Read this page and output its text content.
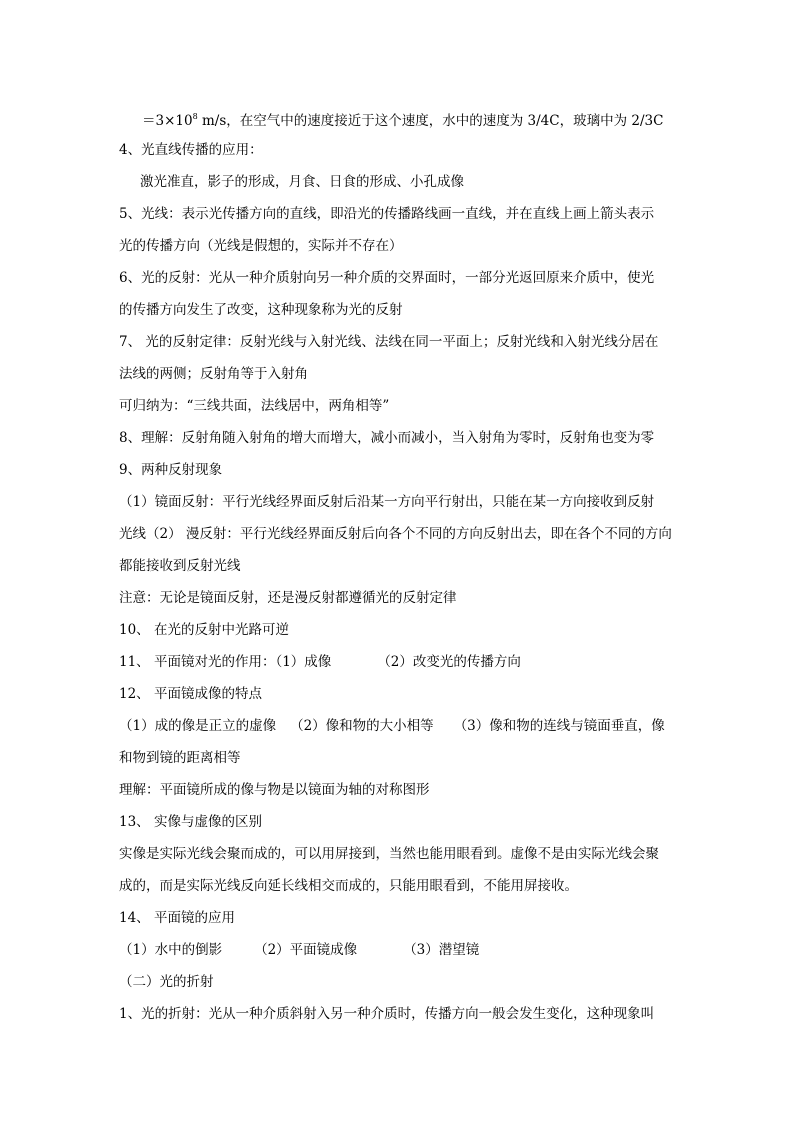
$=3\times 10^8$ m/s，在空气中的速度接近于这个速度，水中的速度为 3/4C，玻璃中为 2/3C
4、光直线传播的应用：
激光准直，影子的形成，月食、日食的形成、小孔成像
5、光线：表示光传播方向的直线，即沿光的传播路线画一直线，并在直线上画上箭头表示
光的传播方向（光线是假想的，实际并不存在）
6、光的反射：光从一种介质射向另一种介质的交界面时，一部分光返回原来介质中，使光
的传播方向发生了改变，这种现象称为光的反射
7、 光的反射定律：反射光线与入射光线、法线在同一平面上；反射光线和入射光线分居在
法线的两侧；反射角等于入射角
可归纳为：“三线共面，法线居中，两角相等”
8、理解：反射角随入射角的增大而增大，减小而减小，当入射角为零时，反射角也变为零
9、两种反射现象
（1）镜面反射：平行光线经界面反射后沿某一方向平行射出，只能在某一方向接收到反射
光线（2） 漫反射：平行光线经界面反射后向各个不同的方向反射出去，即在各个不同的方向
都能接收到反射光线
注意：无论是镜面反射，还是漫反射都遵循光的反射定律
10、 在光的反射中光路可逆
11、 平面镜对光的作用：（1）成像	（2）改变光的传播方向
12、 平面镜成像的特点
（1）成的像是正立的虚像 （2）像和物的大小相等 （3）像和物的连线与镜面垂直，像
和物到镜的距离相等
理解：平面镜所成的像与物是以镜面为轴的对称图形
13、 实像与虚像的区别
实像是实际光线会聚而成的，可以用屏接到，当然也能用眼看到。虚像不是由实际光线会聚
成的，而是实际光线反向延长线相交而成的，只能用眼看到，不能用屏接收。
14、 平面镜的应用
（1）水中的倒影 （2）平面镜成像	（3）潜望镜
（二）光的折射
1、光的折射：光从一种介质斜射入另一种介质时，传播方向一般会发生变化，这种现象叫
